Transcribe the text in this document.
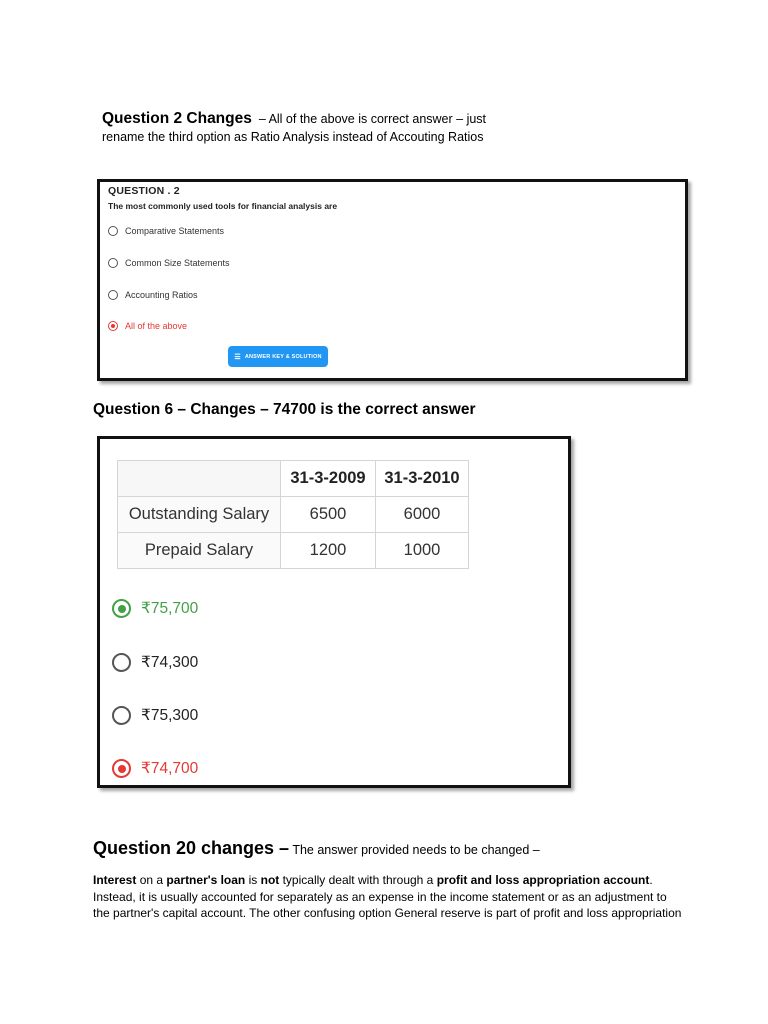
Question 2 Changes – All of the above is correct answer – just rename the third option as Ratio Analysis instead of Accouting Ratios
QUESTION . 2
The most commonly used tools for financial analysis are
Comparative Statements
Common Size Statements
Accounting Ratios
All of the above
☰ ANSWER KEY & SOLUTION
Question 6 – Changes – 74700 is the correct answer
	31-3-2009	31-3-2010
Outstanding Salary	6500	6000
Prepaid Salary	1200	1000
₹75,700
₹74,300
₹75,300
₹74,700
Question 20 changes – The answer provided needs to be changed –
Interest on a partner's loan is not typically dealt with through a profit and loss appropriation account. Instead, it is usually accounted for separately as an expense in the income statement or as an adjustment to the partner's capital account. The other confusing option General reserve is part of profit and loss appropriation
